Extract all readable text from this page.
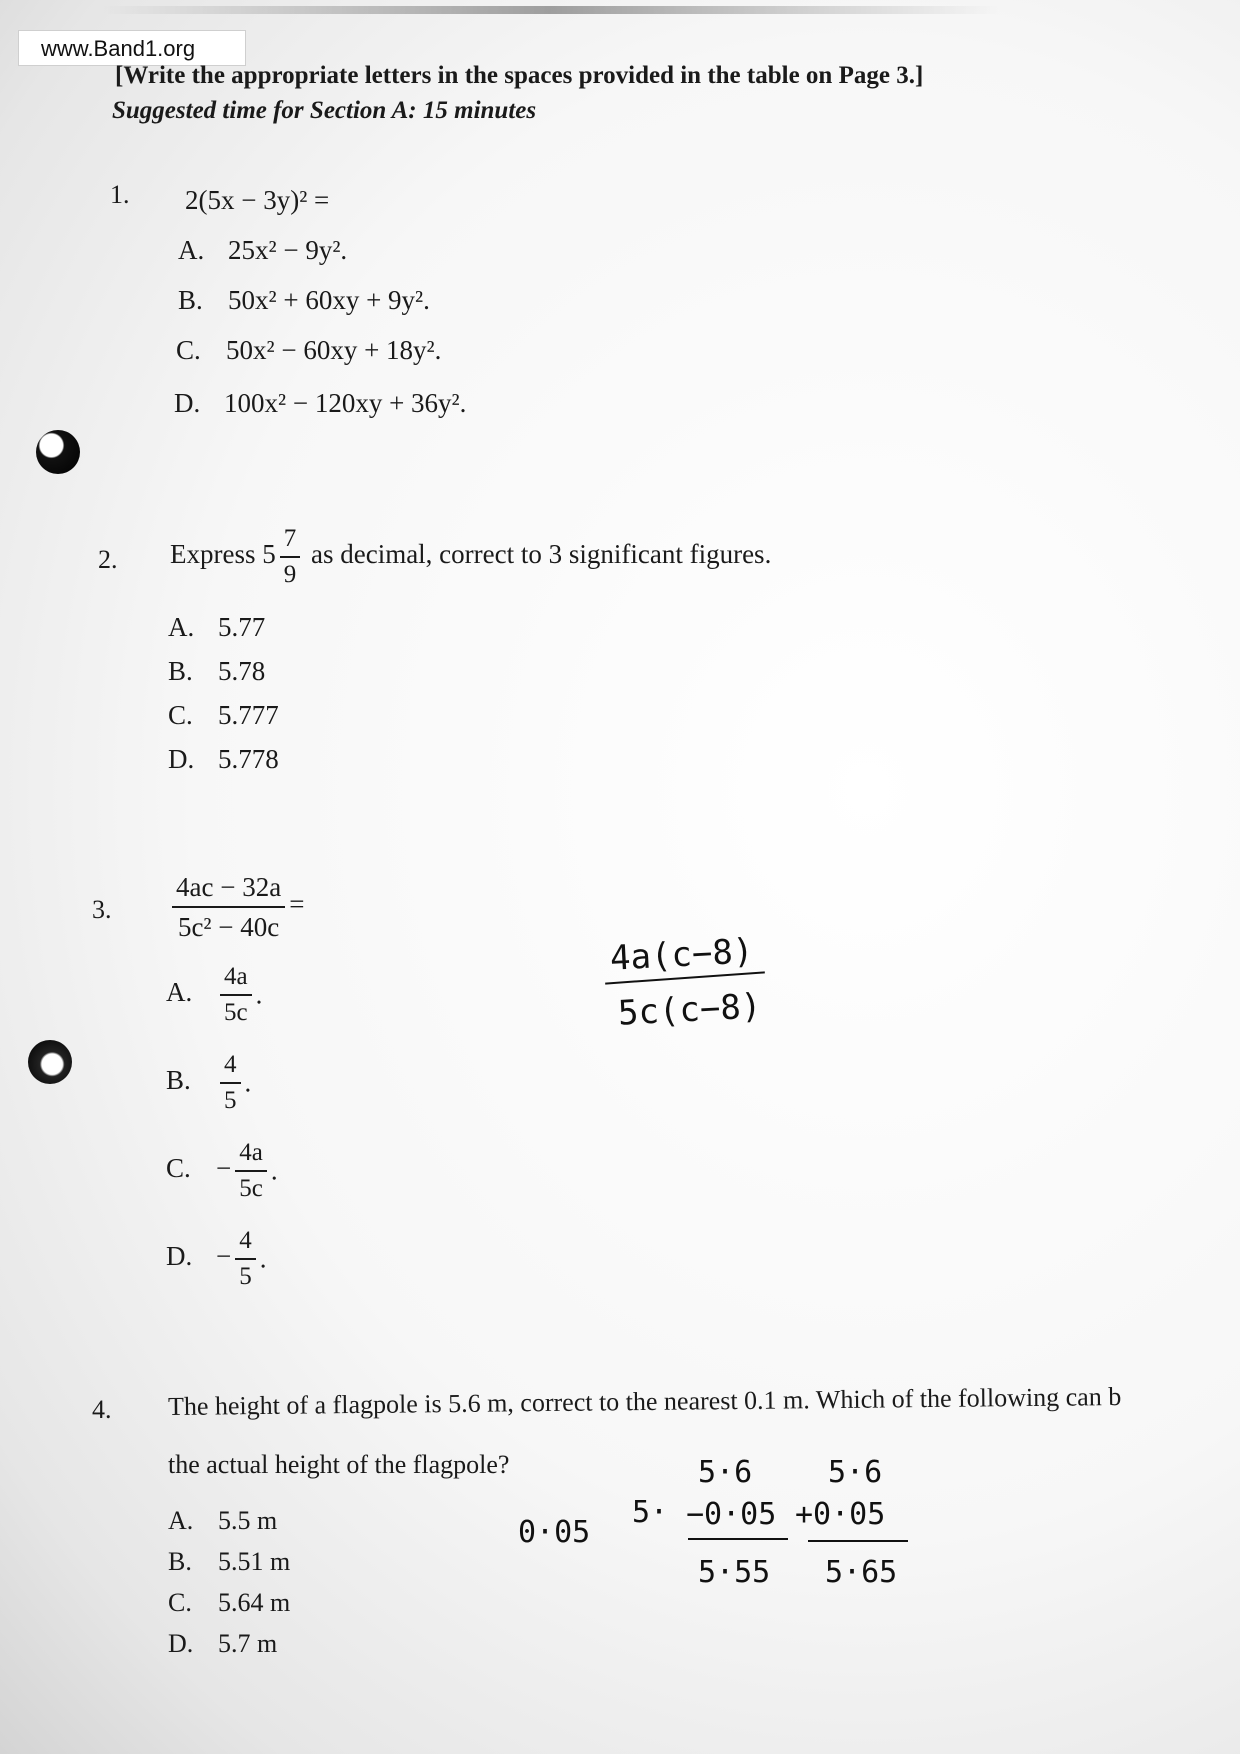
www.Band1.org
[Write the appropriate letters in the spaces provided in the table on Page 3.]
Suggested time for Section A: 15 minutes
1. 2(5x − 3y)² =
A. 25x² − 9y².
B. 50x² + 60xy + 9y².
C. 50x² − 60xy + 18y².
D. 100x² − 120xy + 36y².
2. Express $5 \frac{7}{9}$ as decimal, correct to 3 significant figures.
A. 5.77
B. 5.78
C. 5.777
D. 5.778
3. $\frac{4ac - 32a}{\text{5c² − 40c}}$ =
A. $\frac{4a}{5c}$ .
B. $\frac{4}{5}$ .
C. − $\frac{4a}{5c}$ .
D. − $\frac{4}{5}$ .
4a(c−8)
5c(c−8)
4. The height of a flagpole is 5.6 m, correct to the nearest 0.1 m. Which of the following can b
the actual height of the flagpole?
A. 5.5 m
B. 5.51 m
C. 5.64 m
D. 5.7 m
0·05
5·
5·6
−0·05
5·55
5·6
+0·05
5·65
